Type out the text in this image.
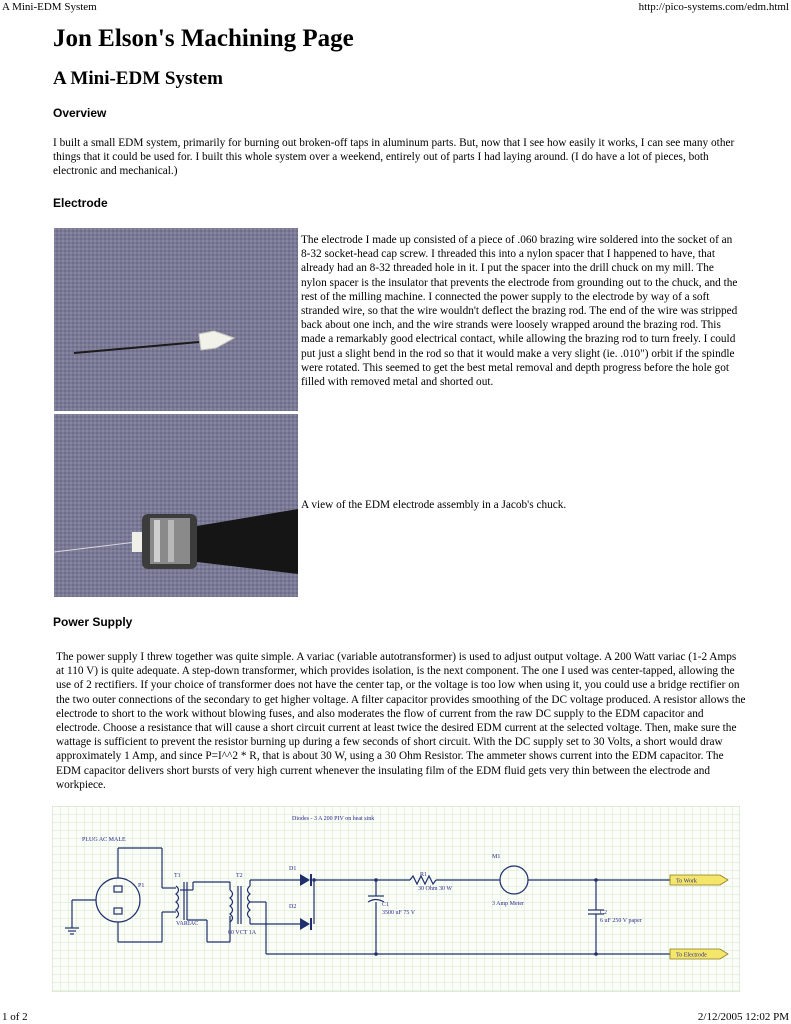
A Mini-EDM System	http://pico-systems.com/edm.html
Jon Elson's Machining Page
A Mini-EDM System
Overview

I built a small EDM system, primarily for burning out broken-off taps in aluminum parts. But, now that I see how easily it works, I can see many other things that it could be used for. I built this whole system over a weekend, entirely out of parts I had laying around. (I do have a lot of pieces, both electronic and mechanical.)

Electrode

The electrode I made up consisted of a piece of .060 brazing wire soldered into the socket of an 8-32 socket-head cap screw. I threaded this into a nylon spacer that I happened to have, that already had an 8-32 threaded hole in it. I put the spacer into the drill chuck on my mill. The nylon spacer is the insulator that prevents the electrode from grounding out to the chuck, and the rest of the milling machine. I connected the power supply to the electrode by way of a soft stranded wire, so that the wire wouldn't deflect the brazing rod. The end of the wire was stripped back about one inch, and the wire strands were loosely wrapped around the brazing rod. This made a remarkably good electrical contact, while allowing the brazing rod to turn freely. I could put just a slight bend in the rod so that it would make a very slight (ie. .010") orbit if the spindle were rotated. This seemed to get the best metal removal and depth progress before the hole got filled with removed metal and shorted out.

A view of the EDM electrode assembly in a Jacob's chuck.

Power Supply

The power supply I threw together was quite simple. A variac (variable autotransformer) is used to adjust output voltage. A 200 Watt variac (1-2 Amps at 110 V) is quite adequate. A step-down transformer, which provides isolation, is the next component. The one I used was center-tapped, allowing the use of 2 rectifiers. If your choice of transformer does not have the center tap, or the voltage is too low when using it, you could use a bridge rectifier on the two outer connections of the secondary to get higher voltage. A filter capacitor provides smoothing of the DC voltage produced. A resistor allows the electrode to short to the work without blowing fuses, and also moderates the flow of current from the raw DC supply to the EDM capacitor and electrode. Choose a resistance that will cause a short circuit current at least twice the desired EDM current at the selected voltage. Then, make sure the wattage is sufficient to prevent the resistor burning up during a few seconds of short circuit. With the DC supply set to 30 Volts, a short would draw approximately 1 Amp, and since P=I^^2 * R, that is about 30 W, using a 30 Ohm Resistor. The ammeter shows current into the EDM capacitor. The EDM capacitor delivers short bursts of very high current whenever the insulating film of the EDM fluid gets very thin between the electrode and workpiece.

Diodes - 3 A 200 PIV on heat sink
PLUG AC MALE
P1
T1
VARIAC
T2
60 VCT 1A
D1
D2	C1
3500 uF 75 V
R1
30 Ohm 30 W
M1
3 Amp Meter
C2
6 uF 250 V paper
To Work
To Electrode
1 of 2	2/12/2005 12:02 PM
